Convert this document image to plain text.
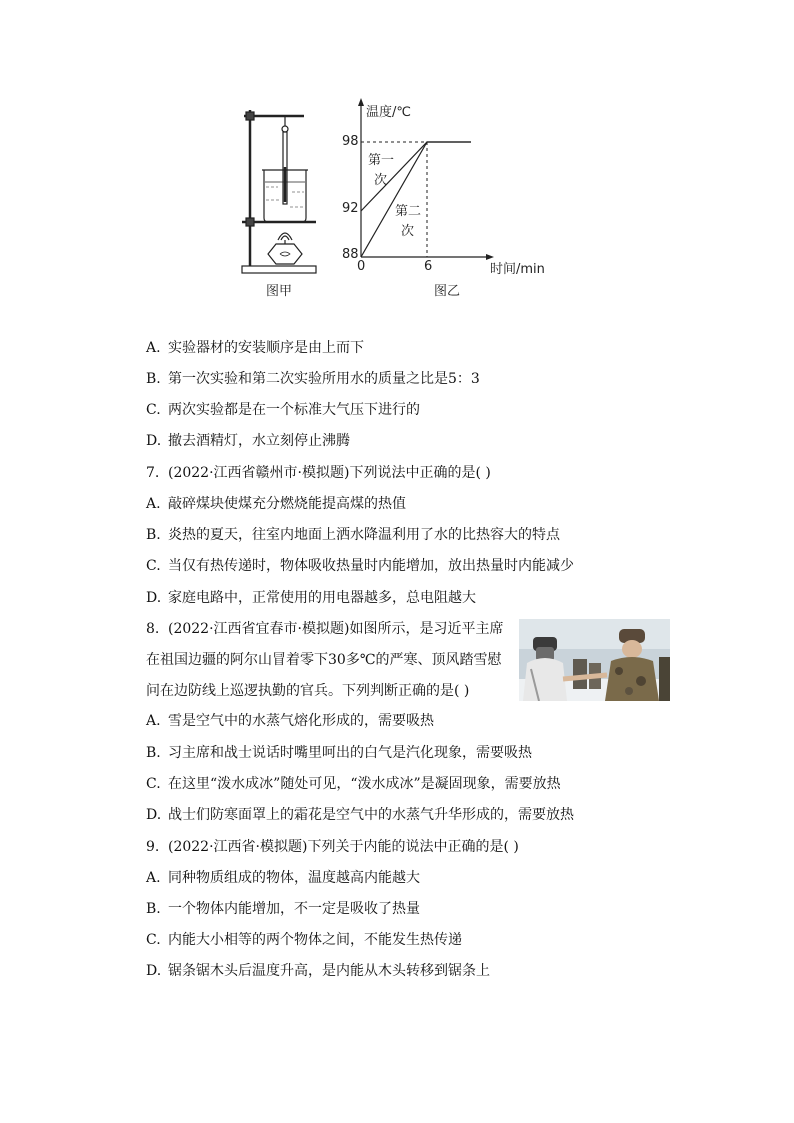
温度/℃
时间/min
98
92
88
0	6
第一
次
第二
次
图甲	图乙
A. 实验器材的安装顺序是由上而下
B. 第一次实验和第二次实验所用水的质量之比是5：3
C. 两次实验都是在一个标准大气压下进行的
D. 撤去酒精灯，水立刻停止沸腾
7. (2022·江西省赣州市·模拟题)下列说法中正确的是( )
A. 敲碎煤块使煤充分燃烧能提高煤的热值
B. 炎热的夏天，往室内地面上洒水降温利用了水的比热容大的特点
C. 当仅有热传递时，物体吸收热量时内能增加，放出热量时内能减少
D. 家庭电路中，正常使用的用电器越多，总电阻越大
8. (2022·江西省宜春市·模拟题)如图所示，是习近平主席
在祖国边疆的阿尔山冒着零下30多℃的严寒、顶风踏雪慰
问在边防线上巡逻执勤的官兵。下列判断正确的是( )
A. 雪是空气中的水蒸气熔化形成的，需要吸热
B. 习主席和战士说话时嘴里呵出的白气是汽化现象，需要吸热
C. 在这里“泼水成冰”随处可见，“泼水成冰”是凝固现象，需要放热
D. 战士们防寒面罩上的霜花是空气中的水蒸气升华形成的，需要放热
9. (2022·江西省·模拟题)下列关于内能的说法中正确的是( )
A. 同种物质组成的物体，温度越高内能越大
B. 一个物体内能增加，不一定是吸收了热量
C. 内能大小相等的两个物体之间，不能发生热传递
D. 锯条锯木头后温度升高，是内能从木头转移到锯条上
